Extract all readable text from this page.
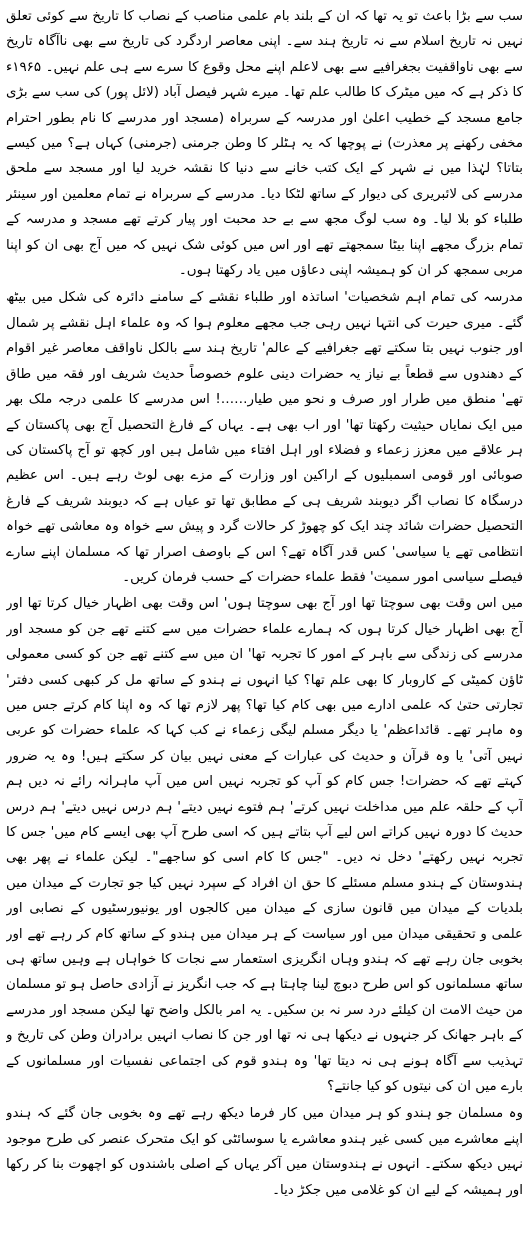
سب سے بڑا باعث تو یہ تھا کہ ان کے بلند بام علمی مناصب کے نصاب کا تاریخ سے کوئی تعلق نہیں نہ تاریخ اسلام سے نہ تاریخ ہند سے۔ اپنی معاصر اردگرد کی تاریخ سے بھی ناآگاہ تاریخ سے بھی ناواقفیت بجغرافیے سے بھی لاعلم اپنے محل وقوع کا سرے سے ہی علم نہیں۔ ۱۹۶۵ء کا ذکر ہے کہ میں میٹرک کا طالب علم تھا۔ میرے شہر فیصل آباد (لائل پور) کی سب سے بڑی جامع مسجد کے خطیب اعلیٰ اور مدرسہ کے سربراہ (مسجد اور مدرسے کا نام بطور احترام مخفی رکھنے پر معذرت) نے پوچھا کہ یہ ہٹلر کا وطن جرمنی (جرمنی) کہاں ہے؟ میں کیسے بتاتا؟ لہٰذا میں نے شہر کے ایک کتب خانے سے دنیا کا نقشہ خرید لیا اور مسجد سے ملحق مدرسے کی لائبریری کی دیوار کے ساتھ لٹکا دیا۔ مدرسے کے سربراہ نے تمام معلمین اور سینئر طلباء کو بلا لیا۔ وہ سب لوگ مجھ سے بے حد محبت اور پیار کرتے تھے مسجد و مدرسہ کے تمام بزرگ مجھے اپنا بیٹا سمجھتے تھے اور اس میں کوئی شک نہیں کہ میں آج بھی ان کو اپنا مربی سمجھ کر ان کو ہمیشہ اپنی دعاؤں میں یاد رکھتا ہوں۔

مدرسہ کی تمام اہم شخصیات' اساتذہ اور طلباء نقشے کے سامنے دائرہ کی شکل میں بیٹھ گئے۔ میری حیرت کی انتہا نہیں رہی جب مجھے معلوم ہوا کہ وہ علماء اہل نقشے پر شمال اور جنوب نہیں بتا سکتے تھے جغرافیے کے عالم' تاریخ ہند سے بالکل ناواقف معاصر غیر اقوام کے دھندوں سے قطعاً بے نیاز یہ حضرات دینی علوم خصوصاً حدیث شریف اور فقہ میں طاق تھے' منطق میں طرار اور صرف و نحو میں طیار……! اس مدرسے کا علمی درجہ ملک بھر میں ایک نمایاں حیثیت رکھتا تھا' اور اب بھی ہے۔ یہاں کے فارغ التحصیل آج بھی پاکستان کے ہر علاقے میں معزز زعماء و فضلاء اور اہل افتاء میں شامل ہیں اور کچھ تو آج پاکستان کی صوبائی اور قومی اسمبلیوں کے اراکین اور وزارت کے مزے بھی لوٹ رہے ہیں۔ اس عظیم درسگاہ کا نصاب اگر دیوبند شریف ہی کے مطابق تھا تو عیاں ہے کہ دیوبند شریف کے فارغ التحصیل حضرات شائد چند ایک کو چھوڑ کر حالات گرد و پیش سے خواہ وہ معاشی تھے خواہ انتظامی تھے یا سیاسی' کس قدر آگاہ تھے؟ اس کے باوصف اصرار تھا کہ مسلمان اپنے سارے فیصلے سیاسی امور سمیت' فقط علماء حضرات کے حسب فرمان کریں۔

میں اس وقت بھی سوچتا تھا اور آج بھی سوچتا ہوں' اس وقت بھی اظہار خیال کرتا تھا اور آج بھی اظہار خیال کرتا ہوں کہ ہمارے علماء حضرات میں سے کتنے تھے جن کو مسجد اور مدرسے کی زندگی سے باہر کے امور کا تجربہ تھا' ان میں سے کتنے تھے جن کو کسی معمولی ٹاؤن کمیٹی کے کاروبار کا بھی علم تھا؟ کیا انہوں نے ہندو کے ساتھ مل کر کبھی کسی دفتر' تجارتی حتیٰ کہ علمی ادارے میں بھی کام کیا تھا؟ پھر لازم تھا کہ وہ اپنا کام کرتے جس میں وہ ماہر تھے۔ قائداعظم' یا دیگر مسلم لیگی زعماء نے کب کہا کہ علماء حضرات کو عربی نہیں آتی' یا وہ قرآن و حدیث کی عبارات کے معنی نہیں بیان کر سکتے ہیں! وہ یہ ضرور کہتے تھے کہ حضرات! جس کام کو آپ کو تجربہ نہیں اس میں آپ ماہرانہ رائے نہ دیں ہم آپ کے حلقہ علم میں مداخلت نہیں کرتے' ہم فتوے نہیں دیتے' ہم درس نہیں دیتے' ہم درس حدیث کا دورہ نہیں کراتے اس لیے آپ بتاتے ہیں کہ اسی طرح آپ بھی ایسے کام میں' جس کا تجربہ نہیں رکھتے' دخل نہ دیں۔ "جس کا کام اسی کو ساجھے"۔ لیکن علماء نے پھر بھی ہندوستان کے ہندو مسلم مسئلے کا حق ان افراد کے سپرد نہیں کیا جو تجارت کے میدان میں بلدیات کے میدان میں قانون سازی کے میدان میں کالجوں اور یونیورسٹیوں کے نصابی اور علمی و تحقیقی میدان میں اور سیاست کے ہر میدان میں ہندو کے ساتھ کام کر رہے تھے اور بخوبی جان رہے تھے کہ ہندو وہاں انگریزی استعمار سے نجات کا خواہاں ہے وہیں ساتھ ہی ساتھ مسلمانوں کو اس طرح دبوچ لینا چاہتا ہے کہ جب انگریز نے آزادی حاصل ہو تو مسلمان من حیث الامت ان کیلئے درد سر نہ بن سکیں۔ یہ امر بالکل واضح تھا لیکن مسجد اور مدرسے کے باہر جھانک کر جنہوں نے دیکھا ہی نہ تھا اور جن کا نصاب انہیں برادران وطن کی تاریخ و تہذیب سے آگاہ ہونے ہی نہ دیتا تھا' وہ ہندو قوم کی اجتماعی نفسیات اور مسلمانوں کے بارے میں ان کی نیتوں کو کیا جانتے؟

وہ مسلمان جو ہندو کو ہر میدان میں کار فرما دیکھ رہے تھے وہ بخوبی جان گئے کہ ہندو اپنے معاشرے میں کسی غیر ہندو معاشرے یا سوسائٹی کو ایک متحرک عنصر کی طرح موجود نہیں دیکھ سکتے۔ انہوں نے ہندوستان میں آکر یہاں کے اصلی باشندوں کو اچھوت بنا کر رکھا اور ہمیشہ کے لیے ان کو غلامی میں جکڑ دیا۔
